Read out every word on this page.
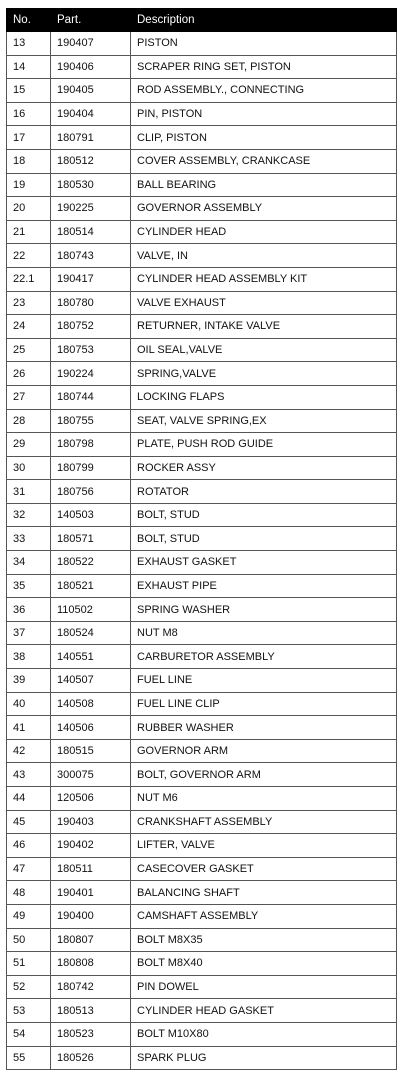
No.	Part.	Description
13	190407	PISTON
14	190406	SCRAPER RING SET, PISTON
15	190405	ROD ASSEMBLY., CONNECTING
16	190404	PIN, PISTON
17	180791	CLIP, PISTON
18	180512	COVER ASSEMBLY, CRANKCASE
19	180530	BALL BEARING
20	190225	GOVERNOR ASSEMBLY
21	180514	CYLINDER HEAD
22	180743	VALVE, IN
22.1	190417	CYLINDER HEAD ASSEMBLY KIT
23	180780	VALVE EXHAUST
24	180752	RETURNER, INTAKE VALVE
25	180753	OIL SEAL,VALVE
26	190224	SPRING,VALVE
27	180744	LOCKING FLAPS
28	180755	SEAT, VALVE SPRING,EX
29	180798	PLATE, PUSH ROD GUIDE
30	180799	ROCKER ASSY
31	180756	ROTATOR
32	140503	BOLT, STUD
33	180571	BOLT, STUD
34	180522	EXHAUST GASKET
35	180521	EXHAUST PIPE
36	110502	SPRING WASHER
37	180524	NUT M8
38	140551	CARBURETOR ASSEMBLY
39	140507	FUEL LINE
40	140508	FUEL LINE CLIP
41	140506	RUBBER WASHER
42	180515	GOVERNOR ARM
43	300075	BOLT, GOVERNOR ARM
44	120506	NUT M6
45	190403	CRANKSHAFT ASSEMBLY
46	190402	LIFTER, VALVE
47	180511	CASECOVER GASKET
48	190401	BALANCING SHAFT
49	190400	CAMSHAFT ASSEMBLY
50	180807	BOLT M8X35
51	180808	BOLT M8X40
52	180742	PIN DOWEL
53	180513	CYLINDER HEAD GASKET
54	180523	BOLT M10X80
55	180526	SPARK PLUG
